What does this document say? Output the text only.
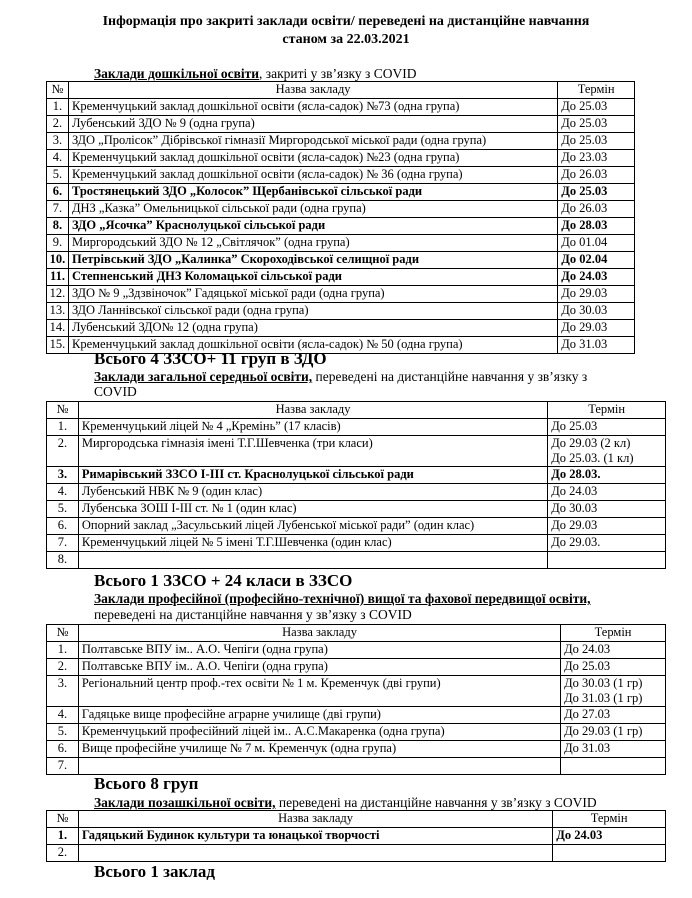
Інформація про закриті заклади освіти/ переведені на дистанційне навчання
станом за 22.03.2021
Заклади дошкільної освіти, закриті у зв’язку з COVID
№	Назва закладу	Термін
1.	Кременчуцький заклад дошкільної освіти (ясла-садок) №73 (одна група)	До 25.03
2.	Лубенський ЗДО № 9 (одна група)	До 25.03
3.	ЗДО „Пролісок” Дібрівської гімназії Миргородської міської ради (одна група)	До 25.03
4.	Кременчуцький заклад дошкільної освіти (ясла-садок) №23 (одна група)	До 23.03
5.	Кременчуцький заклад дошкільної освіти (ясла-садок) № 36 (одна група)	До 26.03
6.	Тростянецький ЗДО „Колосок” Щербанівської сільської ради	До 25.03
7.	ДНЗ „Казка” Омельницької сільської ради (одна група)	До 26.03
8.	ЗДО „Ясочка” Краснолуцької сільської ради	До 28.03
9.	Миргородський ЗДО № 12 „Світлячок” (одна група)	До 01.04
10.	Петрівський ЗДО „Калинка” Скороходівської селищної ради	До 02.04
11.	Степненський ДНЗ Коломацької сільської ради	До 24.03
12.	ЗДО № 9 „Здзвіночок” Гадяцької міської ради (одна група)	До 29.03
13.	ЗДО Ланнівської сільської ради (одна група)	До 30.03
14.	Лубенський ЗДО№ 12 (одна група)	До 29.03
15.	Кременчуцький заклад дошкільної освіти (ясла-садок) № 50 (одна група)	До 31.03
Всього 4 ЗЗСО+ 11 груп в ЗДО
Заклади загальної середньої освіти, переведені на дистанційне навчання у зв’язку з
COVID
№	Назва закладу	Термін
1.	Кременчуцький ліцей № 4 „Кремінь” (17 класів)	До 25.03

2.	Миргородська гімназія імені Т.Г.Шевченка (три класи)	До 29.03 (2 кл)
До 25.03. (1 кл)

3.	Римарівський ЗЗСО І-ІІІ ст. Краснолуцької сільської ради	До 28.03.

4.	Лубенський НВК № 9 (один клас)	До 24.03

5.	Лубенська ЗОШ І-ІІІ ст. № 1 (один клас)	До 30.03

6.	Опорний заклад „Засульський ліцей Лубенської міської ради” (один клас)	До 29.03

7.	Кременчуцький ліцей № 5 імені Т.Г.Шевченка (один клас)	До 29.03.

8.		
Всього 1 ЗЗСО + 24 класи в ЗЗСО
Заклади професійної (професійно-технічної) вищої та фахової передвищої освіти,
переведені на дистанційне навчання у зв’язку з COVID
№	Назва закладу	Термін
1.	Полтавське ВПУ ім.. А.О. Чепіги (одна група)	До 24.03

2.	Полтавське ВПУ ім.. А.О. Чепіги (одна група)	До 25.03

3.	Регіональний центр проф.-тех освіти № 1 м. Кременчук (дві групи)	До 30.03 (1 гр)
До 31.03 (1 гр)

4.	Гадяцьке вище професійне аграрне училище (дві групи)	До 27.03

5.	Кременчуцький професійний ліцей ім.. А.С.Макаренка (одна група)	До 29.03 (1 гр)

6.	Вище професійне училище № 7 м. Кременчук (одна група)	До 31.03

7.		
Всього 8 груп
Заклади позашкільної освіти, переведені на дистанційне навчання у зв’язку з COVID
№	Назва закладу	Термін
1.	Гадяцький Будинок культури та юнацької творчості	До 24.03

2.		
Всього 1 заклад
